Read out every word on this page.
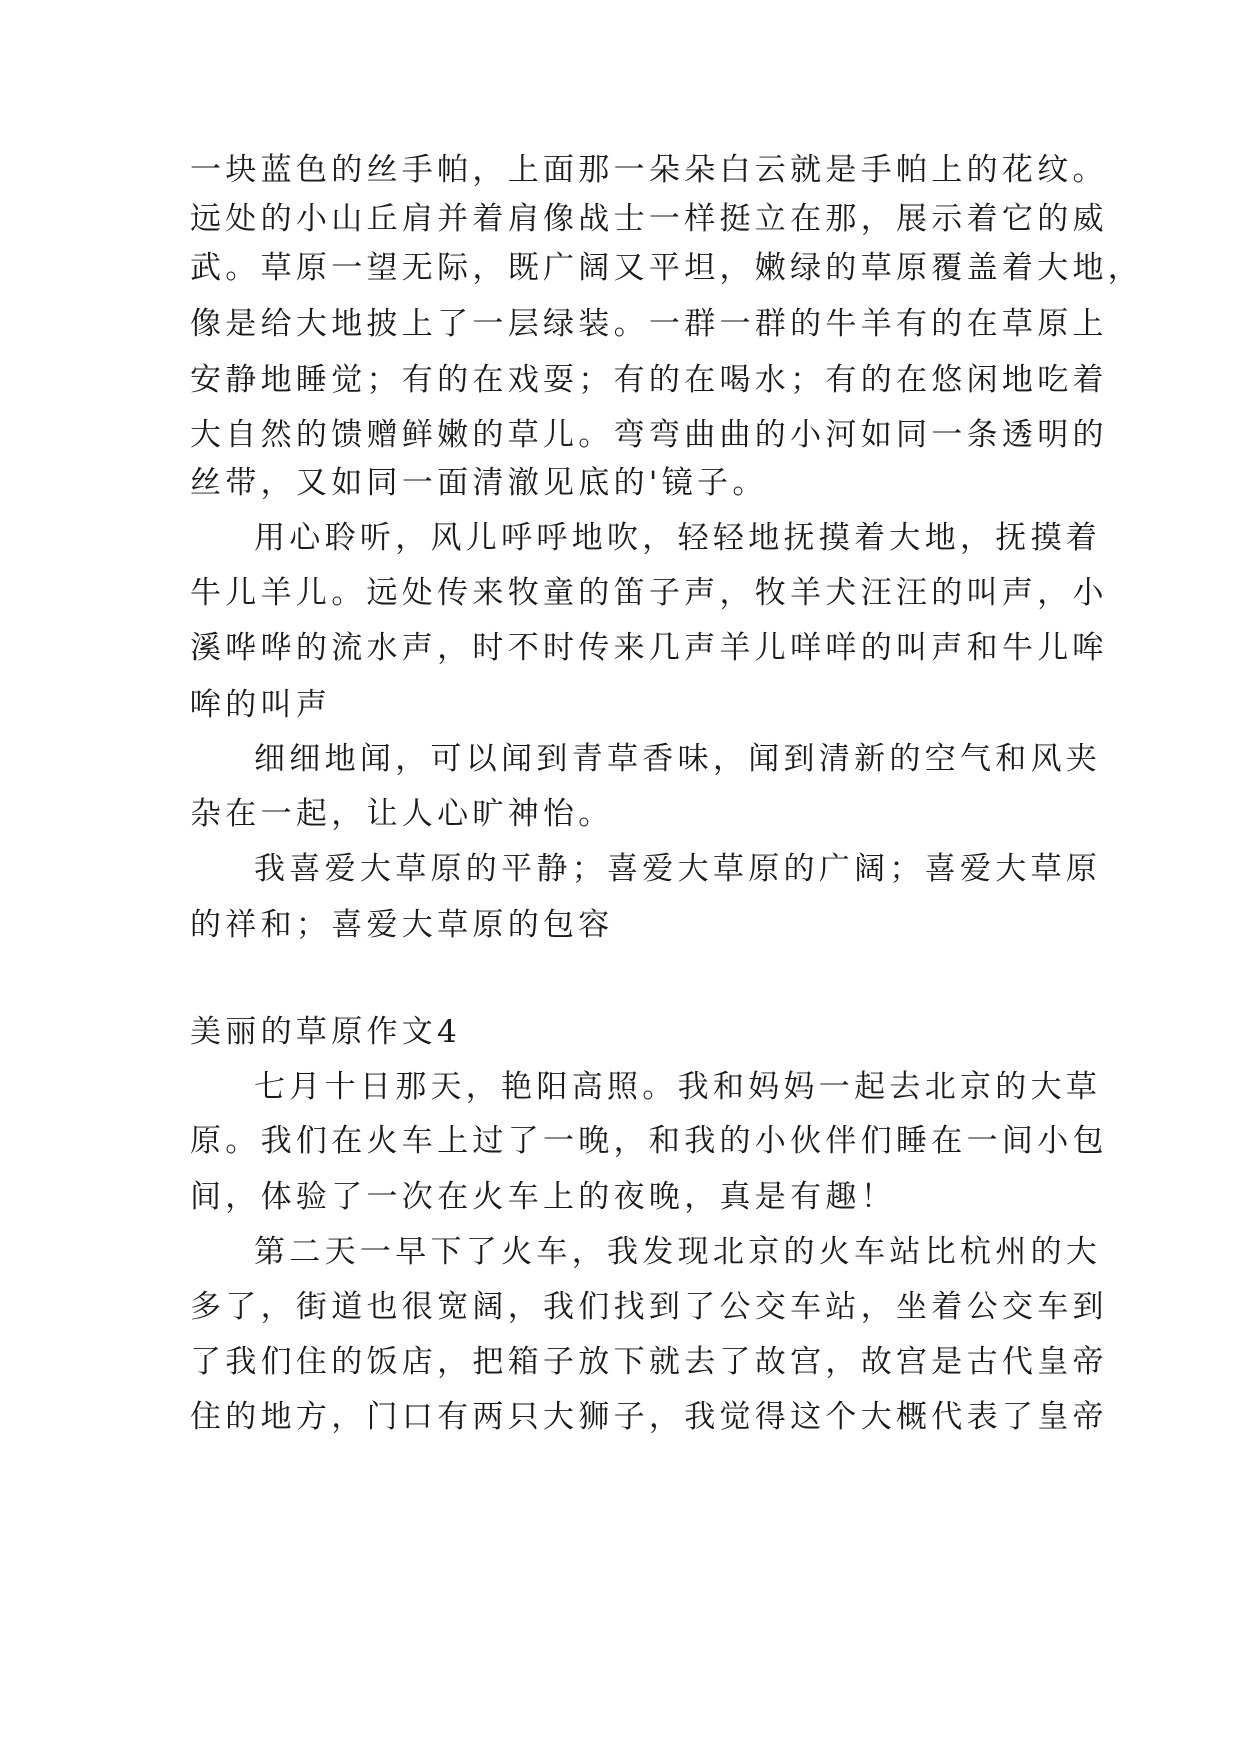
一块蓝色的丝手帕，上面那一朵朵白云就是手帕上的花纹。
远处的小山丘肩并着肩像战士一样挺立在那，展示着它的威
武。草原一望无际，既广阔又平坦，嫩绿的草原覆盖着大地，
像是给大地披上了一层绿装。一群一群的牛羊有的在草原上
安静地睡觉；有的在戏耍；有的在喝水；有的在悠闲地吃着
大自然的馈赠鲜嫩的草儿。弯弯曲曲的小河如同一条透明的
丝带，又如同一面清澈见底的'镜子。
用心聆听，风儿呼呼地吹，轻轻地抚摸着大地，抚摸着
牛儿羊儿。远处传来牧童的笛子声，牧羊犬汪汪的叫声，小
溪哗哗的流水声，时不时传来几声羊儿咩咩的叫声和牛儿哞
哞的叫声
细细地闻，可以闻到青草香味，闻到清新的空气和风夹
杂在一起，让人心旷神怡。
我喜爱大草原的平静；喜爱大草原的广阔；喜爱大草原
的祥和；喜爱大草原的包容
美丽的草原作文4
七月十日那天，艳阳高照。我和妈妈一起去北京的大草
原。我们在火车上过了一晚，和我的小伙伴们睡在一间小包
间，体验了一次在火车上的夜晚，真是有趣！
第二天一早下了火车，我发现北京的火车站比杭州的大
多了，街道也很宽阔，我们找到了公交车站，坐着公交车到
了我们住的饭店，把箱子放下就去了故宫，故宫是古代皇帝
住的地方，门口有两只大狮子，我觉得这个大概代表了皇帝
